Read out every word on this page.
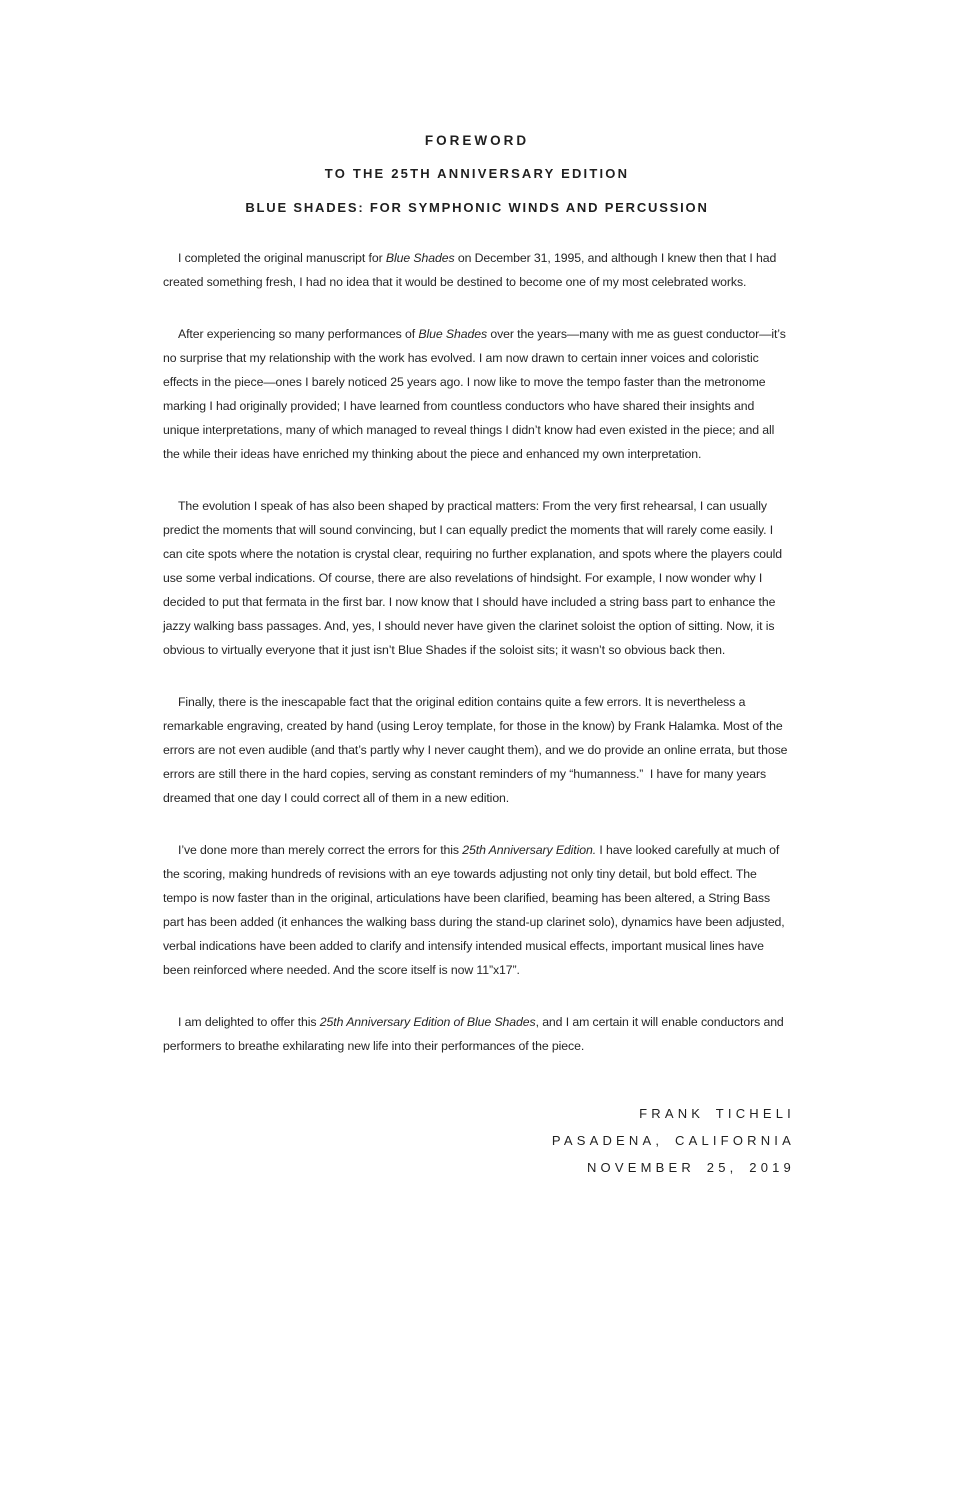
FOREWORD
TO THE 25TH ANNIVERSARY EDITION
BLUE SHADES: FOR SYMPHONIC WINDS AND PERCUSSION

I completed the original manuscript for Blue Shades on December 31, 1995, and although I knew then that I had created something fresh, I had no idea that it would be destined to become one of my most celebrated works.

After experiencing so many performances of Blue Shades over the years—many with me as guest conductor—it’s no surprise that my relationship with the work has evolved. I am now drawn to certain inner voices and coloristic effects in the piece—ones I barely noticed 25 years ago. I now like to move the tempo faster than the metronome marking I had originally provided; I have learned from countless conductors who have shared their insights and unique interpretations, many of which managed to reveal things I didn’t know had even existed in the piece; and all the while their ideas have enriched my thinking about the piece and enhanced my own interpretation.

The evolution I speak of has also been shaped by practical matters: From the very first rehearsal, I can usually predict the moments that will sound convincing, but I can equally predict the moments that will rarely come easily. I can cite spots where the notation is crystal clear, requiring no further explanation, and spots where the players could use some verbal indications. Of course, there are also revelations of hindsight. For example, I now wonder why I decided to put that fermata in the first bar. I now know that I should have included a string bass part to enhance the jazzy walking bass passages. And, yes, I should never have given the clarinet soloist the option of sitting. Now, it is obvious to virtually everyone that it just isn’t Blue Shades if the soloist sits; it wasn’t so obvious back then.

Finally, there is the inescapable fact that the original edition contains quite a few errors. It is nevertheless a remarkable engraving, created by hand (using Leroy template, for those in the know) by Frank Halamka. Most of the errors are not even audible (and that’s partly why I never caught them), and we do provide an online errata, but those errors are still there in the hard copies, serving as constant reminders of my “humanness.”  I have for many years dreamed that one day I could correct all of them in a new edition.

I’ve done more than merely correct the errors for this 25th Anniversary Edition. I have looked carefully at much of the scoring, making hundreds of revisions with an eye towards adjusting not only tiny detail, but bold effect. The tempo is now faster than in the original, articulations have been clarified, beaming has been altered, a String Bass part has been added (it enhances the walking bass during the stand-up clarinet solo), dynamics have been adjusted, verbal indications have been added to clarify and intensify intended musical effects, important musical lines have been reinforced where needed. And the score itself is now 11”x17”.

I am delighted to offer this 25th Anniversary Edition of Blue Shades, and I am certain it will enable conductors and performers to breathe exhilarating new life into their performances of the piece.

FRANK TICHELI
PASADENA, CALIFORNIA
NOVEMBER 25, 2019
